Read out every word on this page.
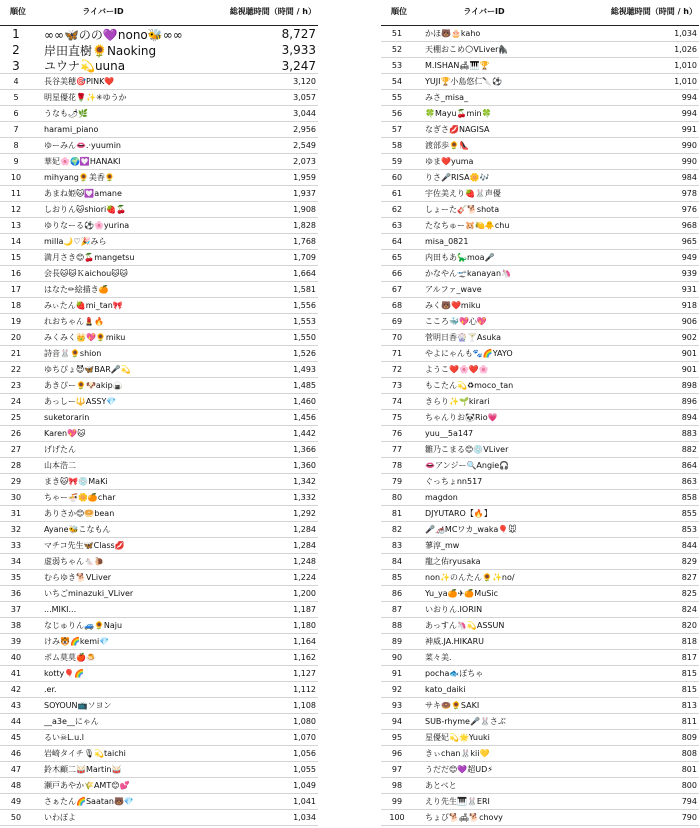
順位	ライバーID	総視聴時間（時間 / h）
1	∞∞🦋のの💜nono🐝∞∞	8,727
2	岸田直樹🌻Naoking	3,933
3	ユウナ💫uuna	3,247
4	長谷美穂🎯PINK❤️	3,120
5	明星優花🌹✨✳ゆうか	3,057
6	うなも🌶🌿	3,044
7	harami_piano	2,956
8	ゆーみん👄.·yuumin	2,549
9	華妃🌸🌍💟HANAKI	2,073
10	mihyang🌻美香🌻	1,959
11	あまね姫🐱💟amane	1,937
12	しおりん🐱shiori🍓🍒	1,908
13	ゆりなーる⚽🌸yurina	1,828
14	milla🌙♡🎉みら	1,768
15	満月さき😊🍒mangetsu	1,709
16	会長🐱🐱Ｋaichou🐱🐱	1,664
17	はなた✏絵描き🍊	1,581
18	みぃたん🍓mi_tan🎀	1,556
19	れおちゃん💄🔥	1,553
20	みくみく👑💖🌻miku	1,550
21	詩音🐰🌻shion	1,526
22	ゆちぴょ😈🦋BAR🎤💫	1,493
23	あきぴー🌻🐶akip🍙	1,485
24	あっしー🔱ASSY💎	1,460
25	suketorarin	1,456
26	Karen💖🐱	1,442
27	げげたん	1,366
28	山本浩二	1,360
29	まき🐱🎀💿MaKi	1,342
30	ちゃー🍜🌼🍊char	1,332
31	ありさか😊🥯bean	1,292
32	Ayane🐝こなもん	1,284
33	マチコ先生🦋Class💋	1,284
34	虚弱ちゃん🐁🐌	1,248
35	むらゆき🐕VLiver	1,224
36	いちごminazuki_VLiver	1,200
37	...MIKI...	1,187
38	なじゅりん🚙🌻Naju	1,180
39	けみ🐯🌈kemi💎	1,164
40	ポム莫莫🍎🍮	1,162
41	kotty🎈🌈	1,127
42	.er.	1,112
43	SOYOUN📺ソヨン	1,108
44	__a3e__にゃん	1,080
45	るい☠L.u.l	1,070
46	岩崎タイチ🎙💫taichi	1,056
47	鈴木顧二🥁Martin🥁	1,055
48	瀬戸あやか🌾AMT😊💕	1,049
49	さぁたん🌈Saatan🐻💎	1,041
50	いわぽよ	1,034
順位	ライバーID	総視聴時間（時間 / h）
51	かほ🐻🎂kaho	1,034
52	天棚おこめ🌕VLiver🦍	1,026
53	M.ISHAN🛋🎹🏆	1,010
54	YUJI🏆小島悠仁🔪⚽	1,010
55	みさ_misa_	994
56	🍀Mayu🍒min🍀	994
57	なぎさ💋NAGISA	991
58	渡部歩🌻👠	990
59	ゆま❤️yuma	990
60	りさ🎤RISA🌼🎶	984
61	宇佐美えり🍓🐰声優	978
62	しょーた🎸🐕shota	976
63	たなちゅー🐹🍋🐥chu	968
64	misa_0821	965
65	内田もあ🦕moa🎤	949
66	かなやん🛫kanayan🦄	939
67	アルファ_wave	931
68	みく🐻❤️miku	918
69	こころ🐳💖心💖	906
70	菅明日香🎡🍸Asuka	902
71	やよにゃんも🐾🌈YAYO	901
72	ようこ❤️🌸❤️🌸	901
73	もこたん💫♻moco_tan	898
74	きらり✨🌱kirari	896
75	ちゃんりお🐼Rio💗	894
76	yuu__5a147	883
77	雛乃こまる😊💿VLiver	882
78	👄アンジー🔍Angie🎧	864
79	ぐっちょnn517	863
80	magdon	858
81	DJYUTARO【🔥】	855
82	🎤🦽MCワカ_waka🎈🐭	853
83	蓼淳_mw	844
84	龍之佑ryusaka	829
85	non✨のんたん🌻✨no/	827
86	Yu_ya🍊✈🍊MuSic	825
87	いおりん.IORIN	824
88	あっすん🦄💫ASSUN	820
89	神威.JA.HIKARU	818
90	菜々美.	817
91	pocha🐟ぽちゃ	815
92	kato_daiki	815
93	サキ🍩🌻SAKI	813
94	SUB-rhyme🎤🐰さぶ	811
95	星優妃💫🌟Yuuki	809
96	きぃchan🐰kii💛	808
97	うだだ😊💜超UD⚡	801
98	あとべと	800
99	えり先生🎹🐰ERI	794
100	ちょび🐕🛋🐕chovy	790
